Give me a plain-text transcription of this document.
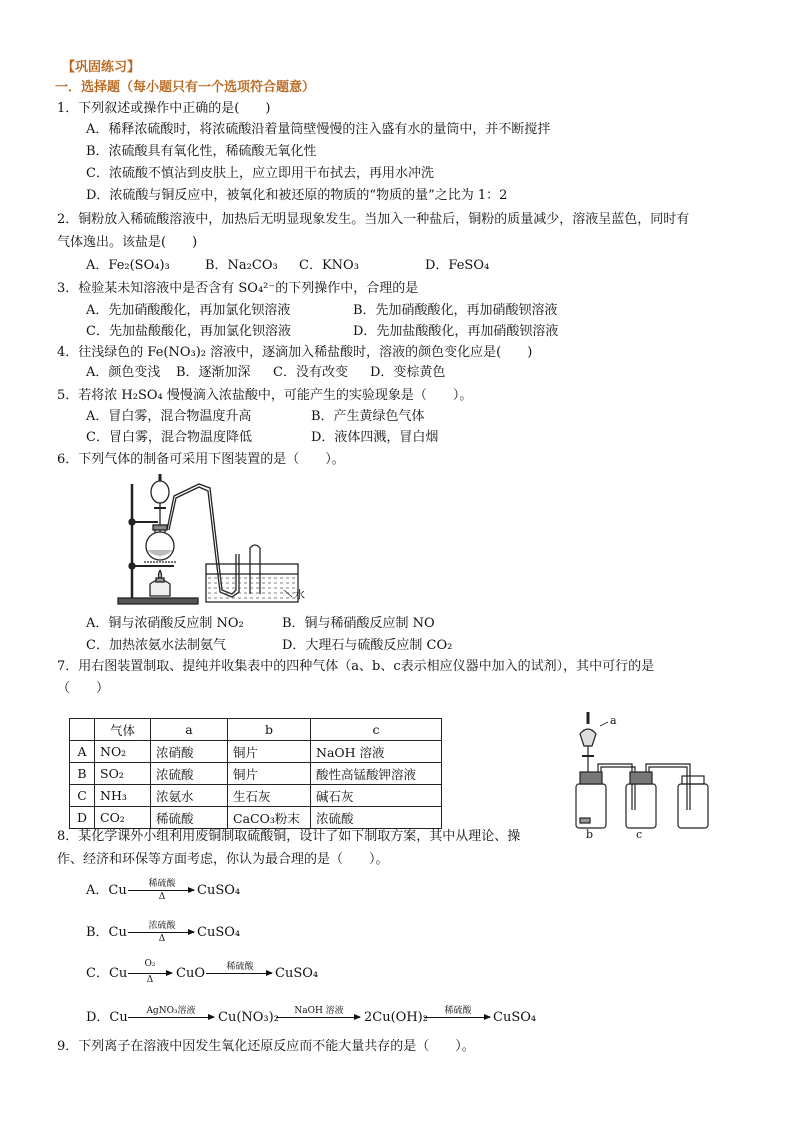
【巩固练习】
一．选择题（每小题只有一个选项符合题意）
1．下列叙述或操作中正确的是(　　)
A．稀释浓硫酸时，将浓硫酸沿着量筒壁慢慢的注入盛有水的量筒中，并不断搅拌
B．浓硫酸具有氧化性，稀硫酸无氧化性
C．浓硫酸不慎沾到皮肤上，应立即用干布拭去，再用水冲洗
D．浓硫酸与铜反应中，被氧化和被还原的物质的“物质的量”之比为 1：2
2．铜粉放入稀硫酸溶液中，加热后无明显现象发生。当加入一种盐后，铜粉的质量减少，溶液呈蓝色，同时有
气体逸出。该盐是(　　)
A．Fe₂(SO₄)₃	B．Na₂CO₃ C．KNO₃	D．FeSO₄
3．检验某未知溶液中是否含有 SO₄²⁻的下列操作中，合理的是
A．先加硝酸酸化，再加氯化钡溶液	B．先加硝酸酸化，再加硝酸钡溶液
C．先加盐酸酸化，再加氯化钡溶液	D．先加盐酸酸化，再加硝酸钡溶液
4．往浅绿色的 Fe(NO₃)₂ 溶液中，逐滴加入稀盐酸时，溶液的颜色变化应是(　　)
A．颜色变浅 B．逐渐加深 C．没有改变 D．变棕黄色
5．若将浓 H₂SO₄ 慢慢滴入浓盐酸中，可能产生的实验现象是（　　）。
A．冒白雾，混合物温度升高	B．产生黄绿色气体
C．冒白雾，混合物温度降低	D．液体四溅，冒白烟
6．下列气体的制备可采用下图装置的是（　　）。
水
A．铜与浓硝酸反应制 NO₂	B．铜与稀硝酸反应制 NO
C．加热浓氨水法制氨气	D．大理石与硫酸反应制 CO₂
7．用右图装置制取、提纯并收集表中的四种气体（a、b、c表示相应仪器中加入的试剂），其中可行的是
（　　）
	气体	a	b	c
A	NO₂	浓硝酸	铜片	NaOH 溶液
B	SO₂	浓硫酸	铜片	酸性高锰酸钾溶液
C	NH₃	浓氨水	生石灰	碱石灰
D	CO₂	稀硫酸	CaCO₃粉末	浓硫酸
a
b	c
8．某化学课外小组利用废铜制取硫酸铜，设计了如下制取方案，其中从理论、操
作、经济和环保等方面考虑，你认为最合理的是（　　）。
A．Cu	稀硫酸
Δ	CuSO₄
B．Cu	浓硫酸
Δ	CuSO₄
C．Cu
O₂
Δ	CuO	稀硫酸	CuSO₄
D．Cu	AgNO₃溶液	Cu(NO₃)₂	NaOH 溶液	2Cu(OH)₂	稀硫酸	CuSO₄
9．下列离子在溶液中因发生氧化还原反应而不能大量共存的是（　　）。
